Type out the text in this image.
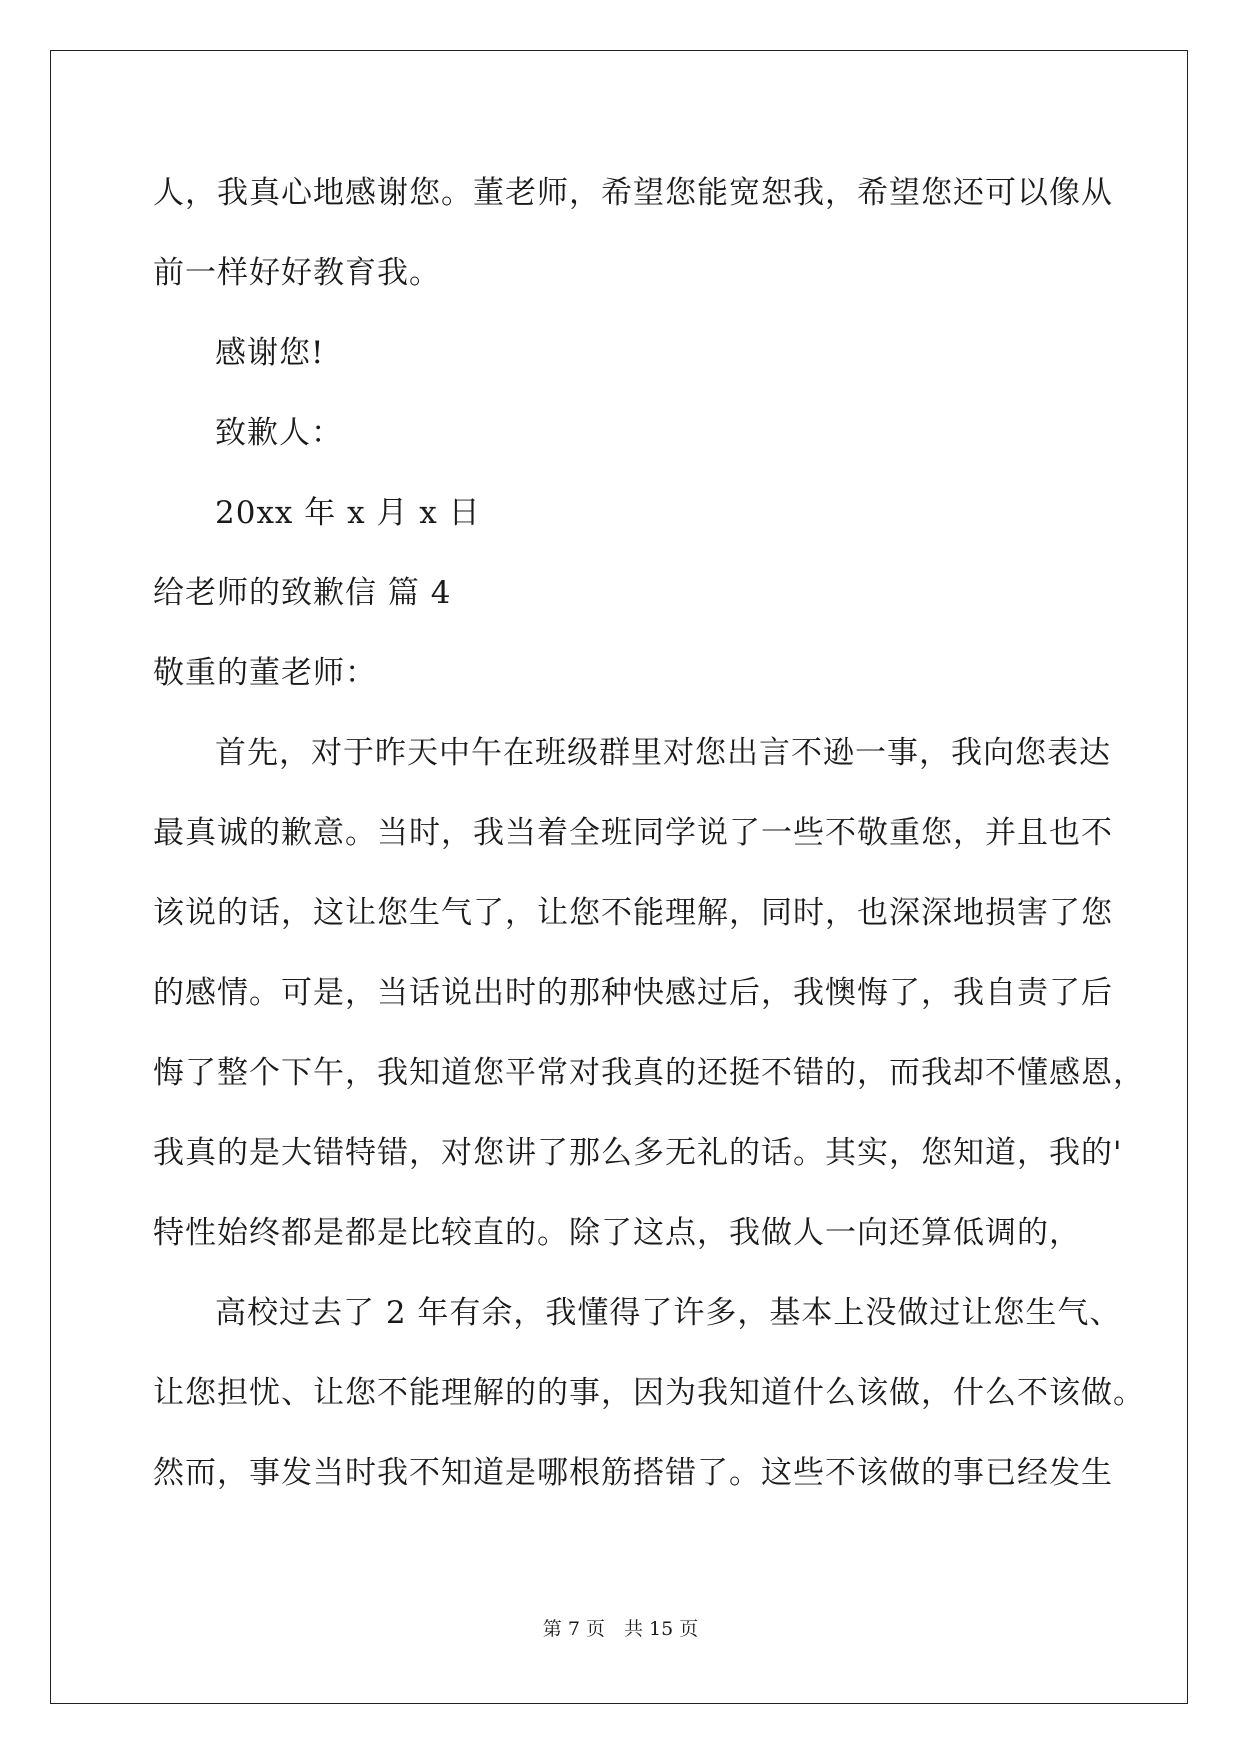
人，我真心地感谢您。董老师，希望您能宽恕我，希望您还可以像从
前一样好好教育我。
感谢您!
致歉人：
20xx 年 x 月 x 日
给老师的致歉信 篇 4
敬重的董老师：
首先，对于昨天中午在班级群里对您出言不逊一事，我向您表达
最真诚的歉意。当时，我当着全班同学说了一些不敬重您，并且也不
该说的话，这让您生气了，让您不能理解，同时，也深深地损害了您
的感情。可是，当话说出时的那种快感过后，我懊悔了，我自责了后
悔了整个下午，我知道您平常对我真的还挺不错的，而我却不懂感恩，
我真的是大错特错，对您讲了那么多无礼的话。其实，您知道，我的'
特性始终都是都是比较直的。除了这点，我做人一向还算低调的，
高校过去了 2 年有余，我懂得了许多，基本上没做过让您生气、
让您担忧、让您不能理解的的事，因为我知道什么该做，什么不该做。
然而，事发当时我不知道是哪根筋搭错了。这些不该做的事已经发生
第 7 页　共 15 页
